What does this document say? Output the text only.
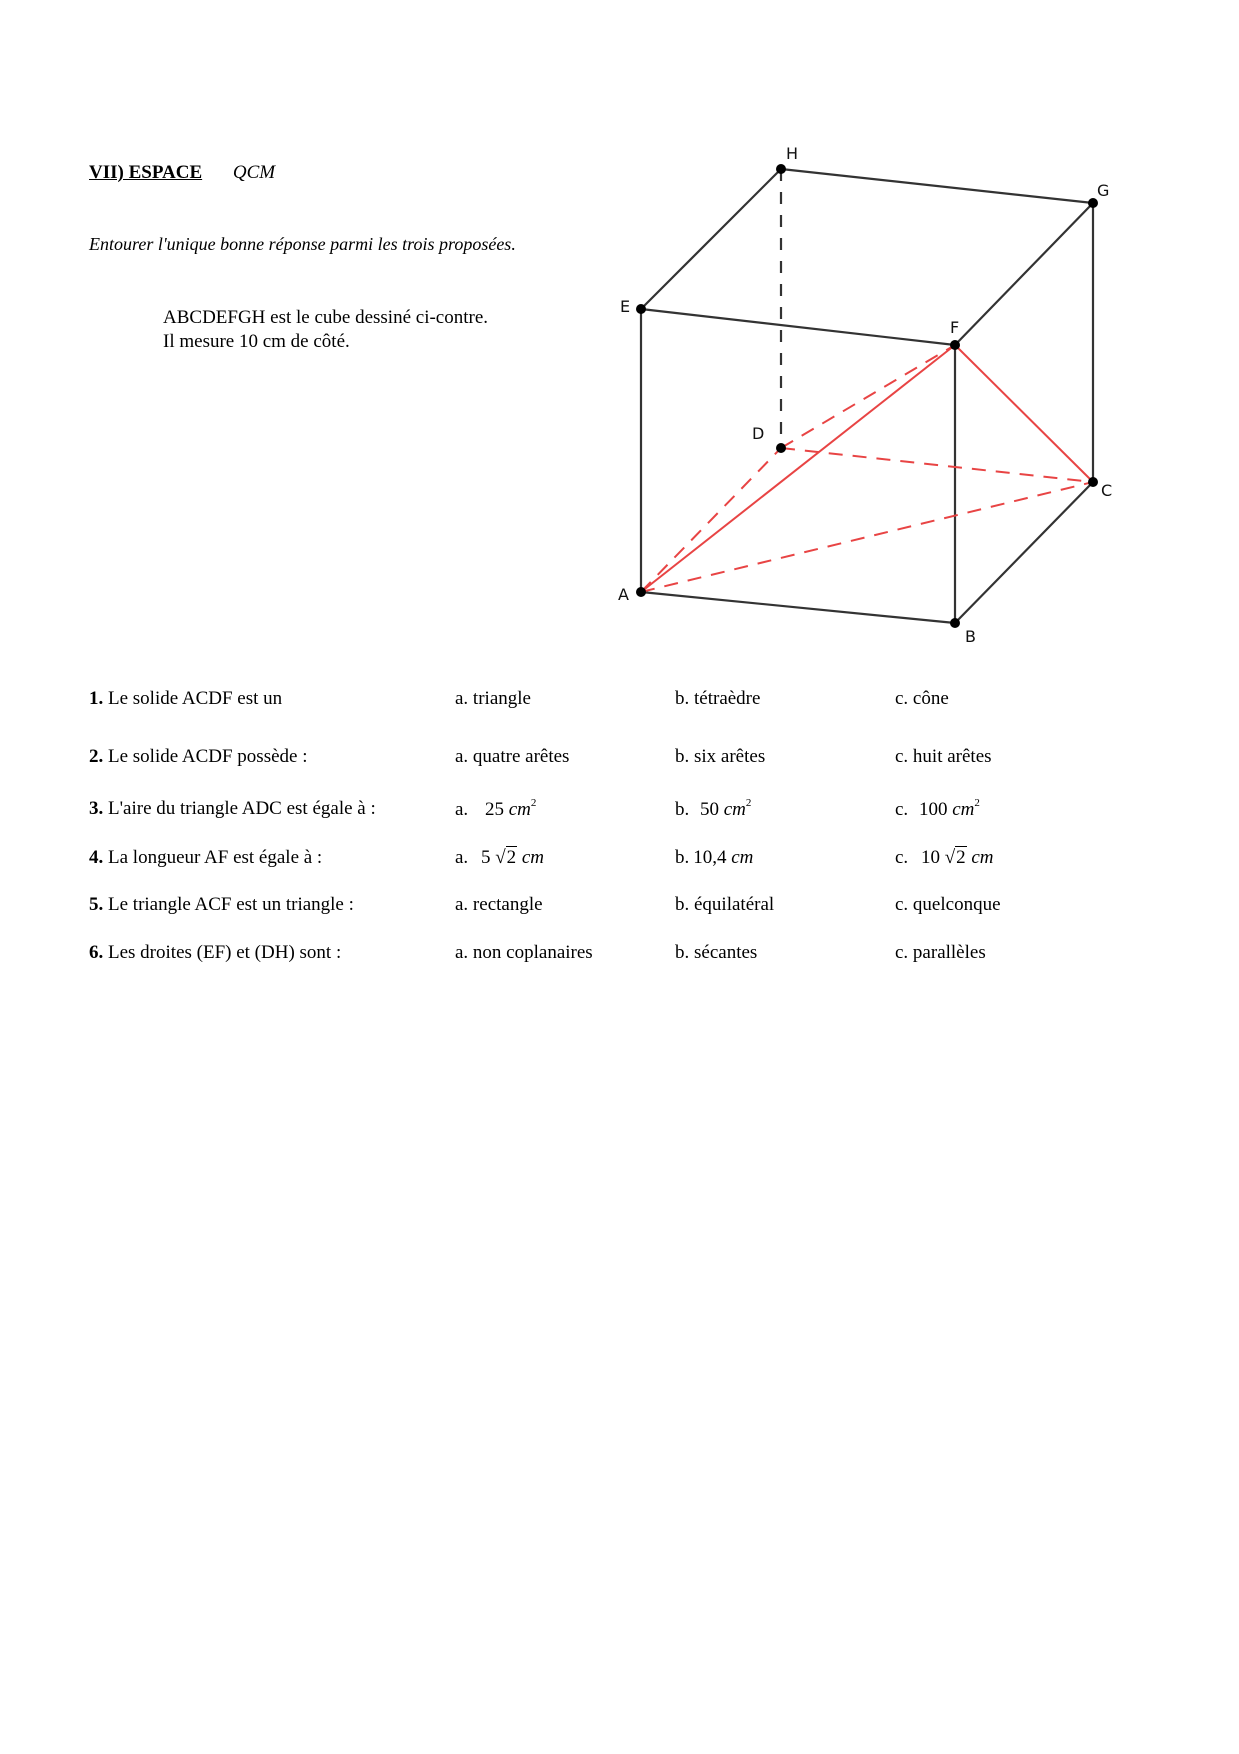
VII) ESPACE QCM
Entourer l'unique bonne réponse parmi les trois proposées.
ABCDEFGH est le cube dessiné ci-contre.
Il mesure 10 cm de côté.
H
G
E
F
D
C
A
B
1. Le solide ACDF est un	a. triangle	b. tétraèdre	c. cône
2. Le solide ACDF possède :	a. quatre arêtes	b. six arêtes	c. huit arêtes
3. L'aire du triangle ADC est égale à :	a. 25 $cm^2$	b. 50 $cm^2$	c. 100 $cm^2$
4. La longueur AF est égale à :	a. 5 √2 cm	b. 10,4 cm	c. 10 √2 cm
5. Le triangle ACF est un triangle :	a. rectangle	b. équilatéral	c. quelconque
6. Les droites (EF) et (DH) sont :	a. non coplanaires	b. sécantes	c. parallèles
